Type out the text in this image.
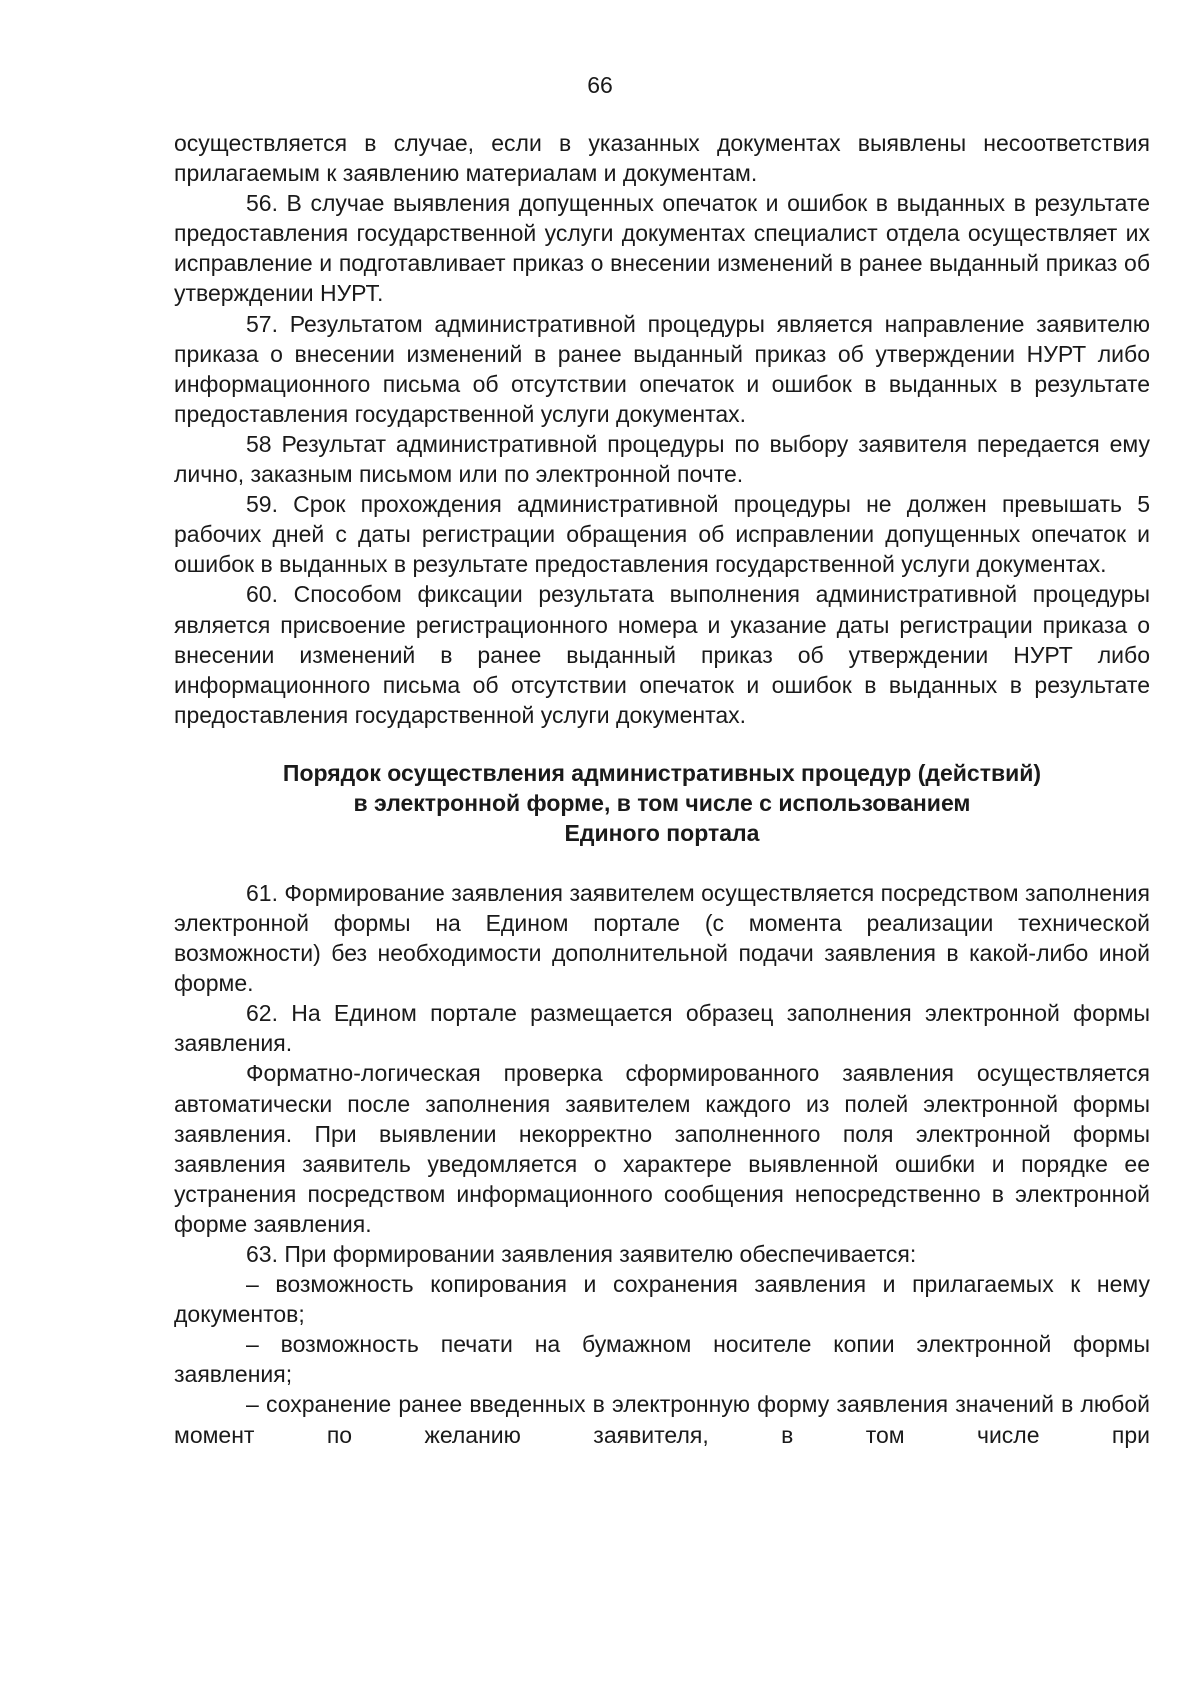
66

осуществляется в случае, если в указанных документах выявлены несоответствия прилагаемым к заявлению материалам и документам.

56. В случае выявления допущенных опечаток и ошибок в выданных в результате предоставления государственной услуги документах специалист отдела осуществляет их исправление и подготавливает приказ о внесении изменений в ранее выданный приказ об утверждении НУРТ.

57. Результатом административной процедуры является направление заявителю приказа о внесении изменений в ранее выданный приказ об утверждении НУРТ либо информационного письма об отсутствии опечаток и ошибок в выданных в результате предоставления государственной услуги документах.

58 Результат административной процедуры по выбору заявителя передается ему лично, заказным письмом или по электронной почте.

59. Срок прохождения административной процедуры не должен превышать 5 рабочих дней с даты регистрации обращения об исправлении допущенных опечаток и ошибок в выданных в результате предоставления государственной услуги документах.

60. Способом фиксации результата выполнения административной процедуры является присвоение регистрационного номера и указание даты регистрации приказа о внесении изменений в ранее выданный приказ об утверждении НУРТ либо информационного письма об отсутствии опечаток и ошибок в выданных в результате предоставления государственной услуги документах.

Порядок осуществления административных процедур (действий)
в электронной форме, в том числе с использованием
Единого портала

61. Формирование заявления заявителем осуществляется посредством заполнения электронной формы на Едином портале (с момента реализации технической возможности) без необходимости дополнительной подачи заявления в какой-либо иной форме.

62. На Едином портале размещается образец заполнения электронной формы заявления.

Форматно-логическая проверка сформированного заявления осуществляется автоматически после заполнения заявителем каждого из полей электронной формы заявления. При выявлении некорректно заполненного поля электронной формы заявления заявитель уведомляется о характере выявленной ошибки и порядке ее устранения посредством информационного сообщения непосредственно в электронной форме заявления.

63. При формировании заявления заявителю обеспечивается:

– возможность копирования и сохранения заявления и прилагаемых к нему документов;

– возможность печати на бумажном носителе копии электронной формы заявления;

– сохранение ранее введенных в электронную форму заявления значений в любой момент по желанию заявителя, в том числе при
